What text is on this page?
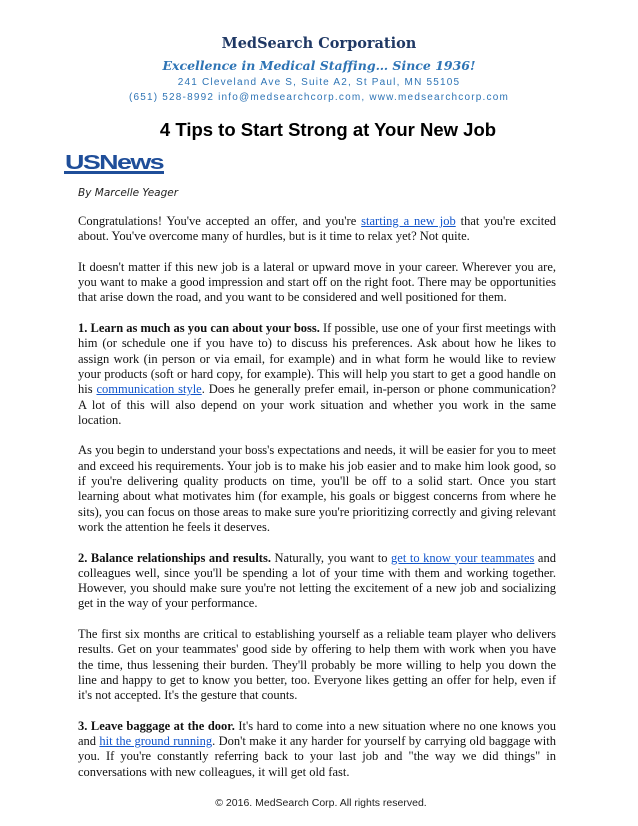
MedSearch Corporation
Excellence in Medical Staffing… Since 1936!
241 Cleveland Ave S, Suite A2, St Paul, MN 55105
(651) 528-8992 info@medsearchcorp.com, www.medsearchcorp.com
4 Tips to Start Strong at Your New Job
USNews
By Marcelle Yeager

Congratulations! You've accepted an offer, and you're starting a new job that you're excited about. You've overcome many of hurdles, but is it time to relax yet? Not quite.

It doesn't matter if this new job is a lateral or upward move in your career. Wherever you are, you want to make a good impression and start off on the right foot. There may be opportunities that arise down the road, and you want to be considered and well positioned for them.

1. Learn as much as you can about your boss. If possible, use one of your first meetings with him (or schedule one if you have to) to discuss his preferences. Ask about how he likes to assign work (in person or via email, for example) and in what form he would like to review your products (soft or hard copy, for example). This will help you start to get a good handle on his communication style. Does he generally prefer email, in-person or phone communication? A lot of this will also depend on your work situation and whether you work in the same location.

As you begin to understand your boss's expectations and needs, it will be easier for you to meet and exceed his requirements. Your job is to make his job easier and to make him look good, so if you're delivering quality products on time, you'll be off to a solid start. Once you start learning about what motivates him (for example, his goals or biggest concerns from where he sits), you can focus on those areas to make sure you're prioritizing correctly and giving relevant work the attention he feels it deserves.

2. Balance relationships and results. Naturally, you want to get to know your teammates and colleagues well, since you'll be spending a lot of your time with them and working together. However, you should make sure you're not letting the excitement of a new job and socializing get in the way of your performance.

The first six months are critical to establishing yourself as a reliable team player who delivers results. Get on your teammates' good side by offering to help them with work when you have the time, thus lessening their burden. They'll probably be more willing to help you down the line and happy to get to know you better, too. Everyone likes getting an offer for help, even if it's not accepted. It's the gesture that counts.

3. Leave baggage at the door. It's hard to come into a new situation where no one knows you and hit the ground running. Don't make it any harder for yourself by carrying old baggage with you. If you're constantly referring back to your last job and "the way we did things" in conversations with new colleagues, it will get old fast.

© 2016. MedSearch Corp. All rights reserved.
